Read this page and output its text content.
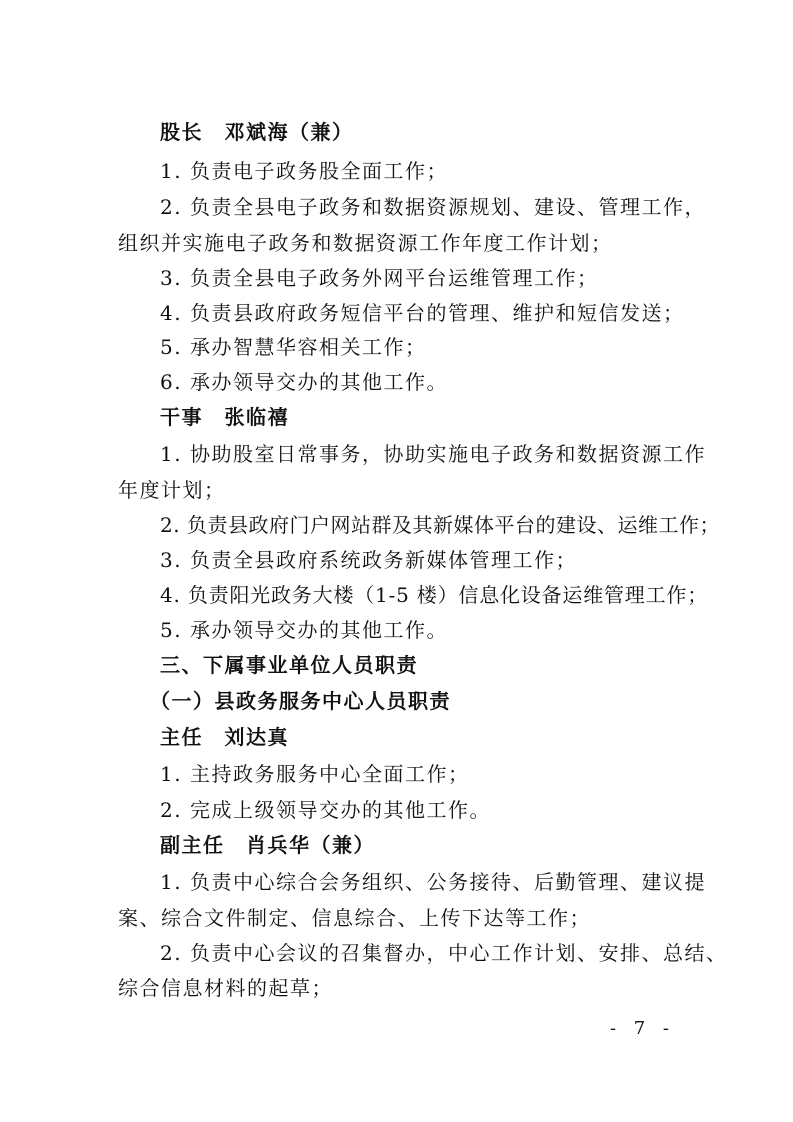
股长　邓斌海（兼）
1. 负责电子政务股全面工作；
2. 负责全县电子政务和数据资源规划、建设、管理工作，
组织并实施电子政务和数据资源工作年度工作计划；
3. 负责全县电子政务外网平台运维管理工作；
4. 负责县政府政务短信平台的管理、维护和短信发送；
5. 承办智慧华容相关工作；
6. 承办领导交办的其他工作。
干事　张临禧
1. 协助股室日常事务，协助实施电子政务和数据资源工作
年度计划；
2. 负责县政府门户网站群及其新媒体平台的建设、运维工作；
3. 负责全县政府系统政务新媒体管理工作；
4. 负责阳光政务大楼（1-5 楼）信息化设备运维管理工作；
5. 承办领导交办的其他工作。
三、下属事业单位人员职责
（一）县政务服务中心人员职责
主任　刘达真
1. 主持政务服务中心全面工作；
2. 完成上级领导交办的其他工作。
副主任　肖兵华（兼）
1. 负责中心综合会务组织、公务接待、后勤管理、建议提
案、综合文件制定、信息综合、上传下达等工作；
2. 负责中心会议的召集督办，中心工作计划、安排、总结、
综合信息材料的起草；
- 7 -
